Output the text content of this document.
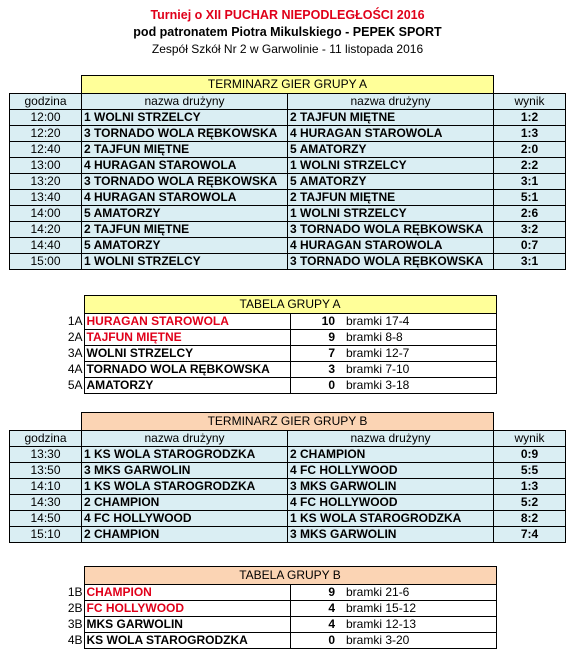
Turniej o XII PUCHAR NIEPODLEGŁOŚCI 2016
pod patronatem Piotra Mikulskiego - PEPEK SPORT
Zespół Szkół Nr 2 w Garwolinie - 11 listopada 2016
	TERMINARZ GIER GRUPY A		
godzina	nazwa drużyny	nazwa drużyny	wynik
12:00	1 WOLNI STRZELCY	2 TAJFUN MIĘTNE	1:2
12:20	3 TORNADO WOLA RĘBKOWSKA	4 HURAGAN STAROWOLA	1:3
12:40	2 TAJFUN MIĘTNE	5 AMATORZY	2:0
13:00	4 HURAGAN STAROWOLA	1 WOLNI STRZELCY	2:2
13:20	3 TORNADO WOLA RĘBKOWSKA	5 AMATORZY	3:1
13:40	4 HURAGAN STAROWOLA	2 TAJFUN MIĘTNE	5:1
14:00	5 AMATORZY	1 WOLNI STRZELCY	2:6
14:20	2 TAJFUN MIĘTNE	3 TORNADO WOLA RĘBKOWSKA	3:2
14:40	5 AMATORZY	4 HURAGAN STAROWOLA	0:7
15:00	1 WOLNI STRZELCY	3 TORNADO WOLA RĘBKOWSKA	3:1
	TABELA GRUPY A		
1A	HURAGAN STAROWOLA	10	bramki 17-4
2A	TAJFUN MIĘTNE	9	bramki 8-8
3A	WOLNI STRZELCY	7	bramki 12-7
4A	TORNADO WOLA RĘBKOWSKA	3	bramki 7-10
5A	AMATORZY	0	bramki 3-18
	TERMINARZ GIER GRUPY B		
godzina	nazwa drużyny	nazwa drużyny	wynik
13:30	1 KS WOLA STAROGRODZKA	2 CHAMPION	0:9
13:50	3 MKS GARWOLIN	4 FC HOLLYWOOD	5:5
14:10	1 KS WOLA STAROGRODZKA	3 MKS GARWOLIN	1:3
14:30	2 CHAMPION	4 FC HOLLYWOOD	5:2
14:50	4 FC HOLLYWOOD	1 KS WOLA STAROGRODZKA	8:2
15:10	2 CHAMPION	3 MKS GARWOLIN	7:4
	TABELA GRUPY B		
1B	CHAMPION	9	bramki 21-6
2B	FC HOLLYWOOD	4	bramki 15-12
3B	MKS GARWOLIN	4	bramki 12-13
4B	KS WOLA STAROGRODZKA	0	bramki 3-20
